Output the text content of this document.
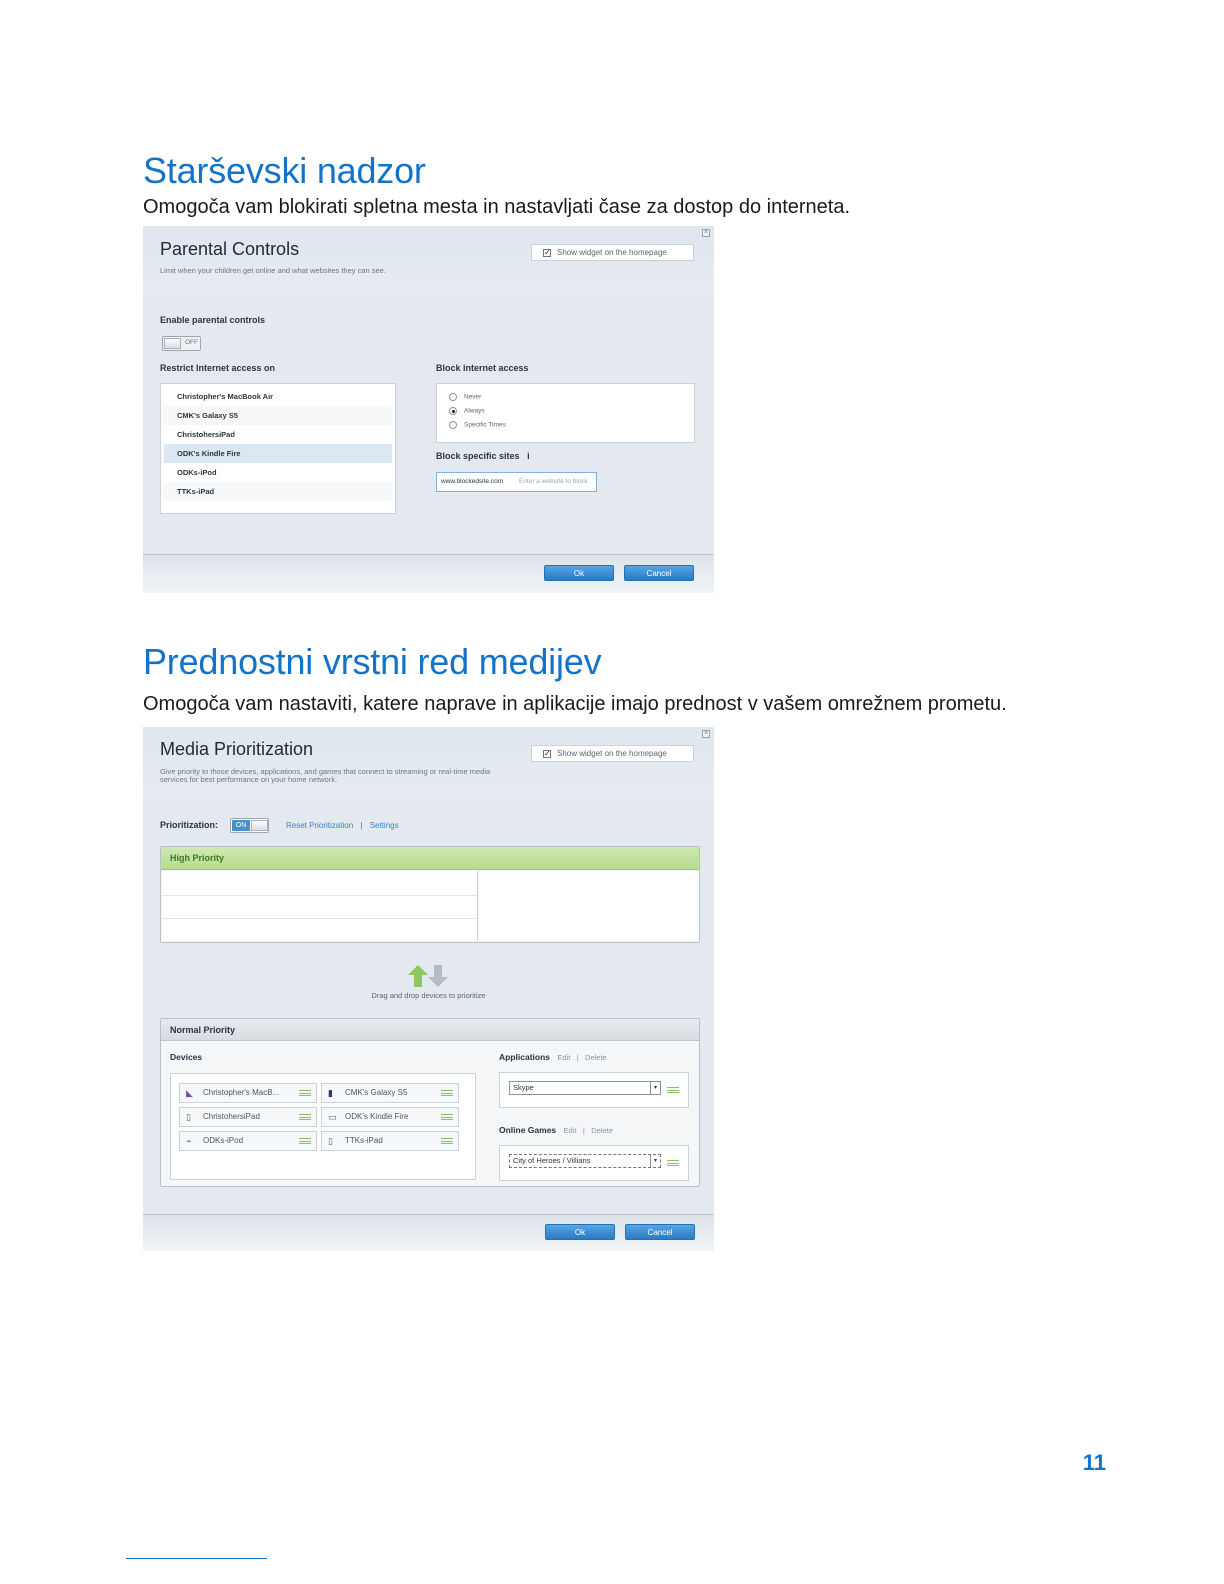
Starševski nadzor

Omogoča vam blokirati spletna mesta in nastavljati čase za dostop do interneta.

×
Parental Controls
Limit when your children get online and what websites they can see.
✓ Show widget on the homepage
Enable parental controls
OFF
Restrict Internet access on
Christopher's MacBook Air
CMK's Galaxy S5
ChristohersiPad
ODK's Kindle Fire
ODKs-iPod
TTKs-iPad
Block internet access
Never
Always
Specific Times
Block specific sites i
www.blockedsite.com Enter a website to block
Ok	Cancel
Prednostni vrstni red medijev

Omogoča vam nastaviti, katere naprave in aplikacije imajo prednost v vašem omrežnem prometu.

×
Media Prioritization
Give priority to those devices, applications, and games that connect to streaming or real-time media
services for best performance on your home network.
✓ Show widget on the homepage
Prioritization:	ON	Reset Prioritization | Settings
High Priority
Drag and drop devices to prioritize
Normal Priority
Devices
◣ Christopher's MacB...	▮ CMK's Galaxy S5
▯ ChristohersiPad	▭ ODK's Kindle Fire
⌁ ODKs-iPod	▯ TTKs-iPad
Applications Edit | Delete
Skype	▾
Online Games Edit | Delete
City of Heroes / Villians	▾
Ok	Cancel
11
